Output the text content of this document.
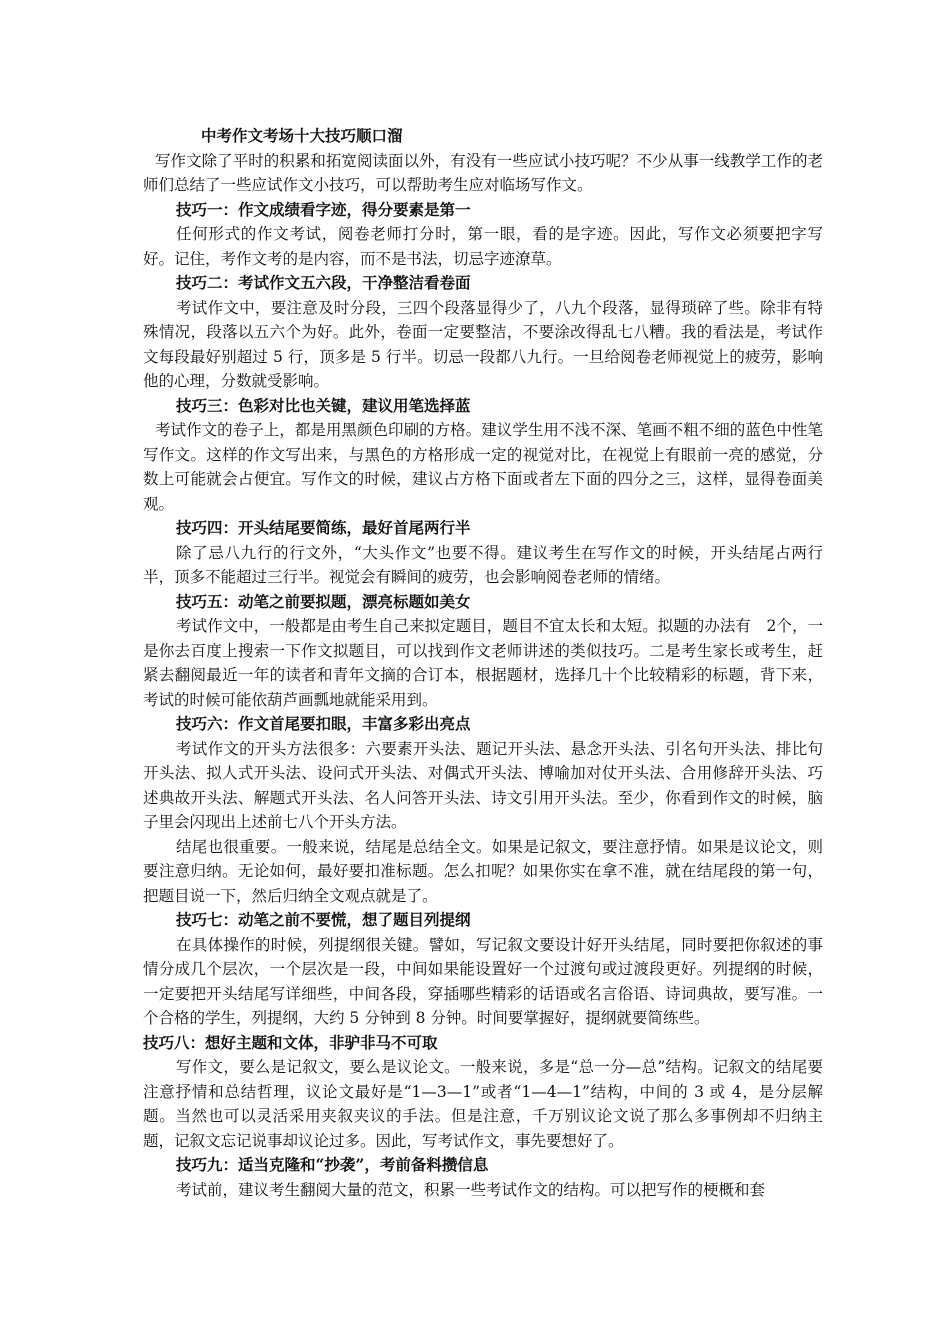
中考作文考场十大技巧顺口溜

写作文除了平时的积累和拓宽阅读面以外，有没有一些应试小技巧呢？不少从事一线教学工作的老师们总结了一些应试作文小技巧，可以帮助考生应对临场写作文。

技巧一：作文成绩看字迹，得分要素是第一

任何形式的作文考试，阅卷老师打分时，第一眼，看的是字迹。因此，写作文必须要把字写好。记住，考作文考的是内容，而不是书法，切忌字迹潦草。

技巧二：考试作文五六段，干净整洁看卷面

考试作文中，要注意及时分段，三四个段落显得少了，八九个段落，显得琐碎了些。除非有特殊情况，段落以五六个为好。此外，卷面一定要整洁，不要涂改得乱七八糟。我的看法是，考试作文每段最好别超过 5 行，顶多是 5 行半。切忌一段都八九行。一旦给阅卷老师视觉上的疲劳，影响他的心理，分数就受影响。

技巧三：色彩对比也关键，建议用笔选择蓝

考试作文的卷子上，都是用黑颜色印刷的方格。建议学生用不浅不深、笔画不粗不细的蓝色中性笔写作文。这样的作文写出来，与黑色的方格形成一定的视觉对比，在视觉上有眼前一亮的感觉，分数上可能就会占便宜。写作文的时候，建议占方格下面或者左下面的四分之三，这样，显得卷面美观。

技巧四：开头结尾要简练，最好首尾两行半

除了忌八九行的行文外，“大头作文”也要不得。建议考生在写作文的时候，开头结尾占两行半，顶多不能超过三行半。视觉会有瞬间的疲劳，也会影响阅卷老师的情绪。

技巧五：动笔之前要拟题，漂亮标题如美女

考试作文中，一般都是由考生自己来拟定题目，题目不宜太长和太短。拟题的办法有　2个，一是你去百度上搜索一下作文拟题目，可以找到作文老师讲述的类似技巧。二是考生家长或考生，赶紧去翻阅最近一年的读者和青年文摘的合订本，根据题材，选择几十个比较精彩的标题，背下来，考试的时候可能依葫芦画瓢地就能采用到。

技巧六：作文首尾要扣眼，丰富多彩出亮点

考试作文的开头方法很多：六要素开头法、题记开头法、悬念开头法、引名句开头法、排比句开头法、拟人式开头法、设问式开头法、对偶式开头法、博喻加对仗开头法、合用修辞开头法、巧述典故开头法、解题式开头法、名人问答开头法、诗文引用开头法。至少，你看到作文的时候，脑子里会闪现出上述前七八个开头方法。

结尾也很重要。一般来说，结尾是总结全文。如果是记叙文，要注意抒情。如果是议论文，则要注意归纳。无论如何，最好要扣准标题。怎么扣呢？如果你实在拿不准，就在结尾段的第一句，把题目说一下，然后归纳全文观点就是了。

技巧七：动笔之前不要慌，想了题目列提纲

在具体操作的时候，列提纲很关键。譬如，写记叙文要设计好开头结尾，同时要把你叙述的事情分成几个层次，一个层次是一段，中间如果能设置好一个过渡句或过渡段更好。列提纲的时候，一定要把开头结尾写详细些，中间各段，穿插哪些精彩的话语或名言俗语、诗词典故，要写准。一个合格的学生，列提纲，大约 5 分钟到 8 分钟。时间要掌握好，提纲就要简练些。

技巧八：想好主题和文体，非驴非马不可取

写作文，要么是记叙文，要么是议论文。一般来说，多是“总一分—总”结构。记叙文的结尾要注意抒情和总结哲理，议论文最好是“1—3—1”或者“1—4—1”结构，中间的 3 或 4，是分层解题。当然也可以灵活采用夹叙夹议的手法。但是注意，千万别议论文说了那么多事例却不归纳主题，记叙文忘记说事却议论过多。因此，写考试作文，事先要想好了。

技巧九：适当克隆和“抄袭”，考前备料攒信息

考试前，建议考生翻阅大量的范文，积累一些考试作文的结构。可以把写作的梗概和套
